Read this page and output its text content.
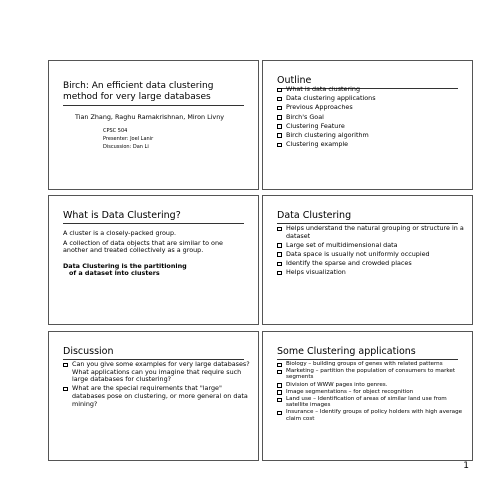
Birch: An efficient data clustering method for very large databases
Tian Zhang, Raghu Ramakrishnan, Miron Livny
CPSC 504
Presenter: Joel Lanir
Discussion: Dan Li
Outline
What is data clustering
Data clustering applications
Previous Approaches
Birch's Goal
Clustering Feature
Birch clustering algorithm
Clustering example
What is Data Clustering?
A cluster is a closely-packed group.
A collection of data objects that are similar to one another and treated collectively as a group.
Data Clustering is the partitioning
of a dataset into clusters
Data Clustering
Helps understand the natural grouping or structure in a dataset
Large set of multidimensional data
Data space is usually not uniformly occupied
Identify the sparse and crowded places
Helps visualization
Discussion
Can you give some examples for very large databases? What applications can you imagine that require such large databases for clustering?
What are the special requirements that "large" databases pose on clustering, or more general on data mining?
Some Clustering applications
Biology – building groups of genes with related patterns
Marketing – partition the population of consumers to market segments
Division of WWW pages into genres.
Image segmentations – for object recognition
Land use – Identification of areas of similar land use from satellite images
Insurance – Identify groups of policy holders with high average claim cost
1
